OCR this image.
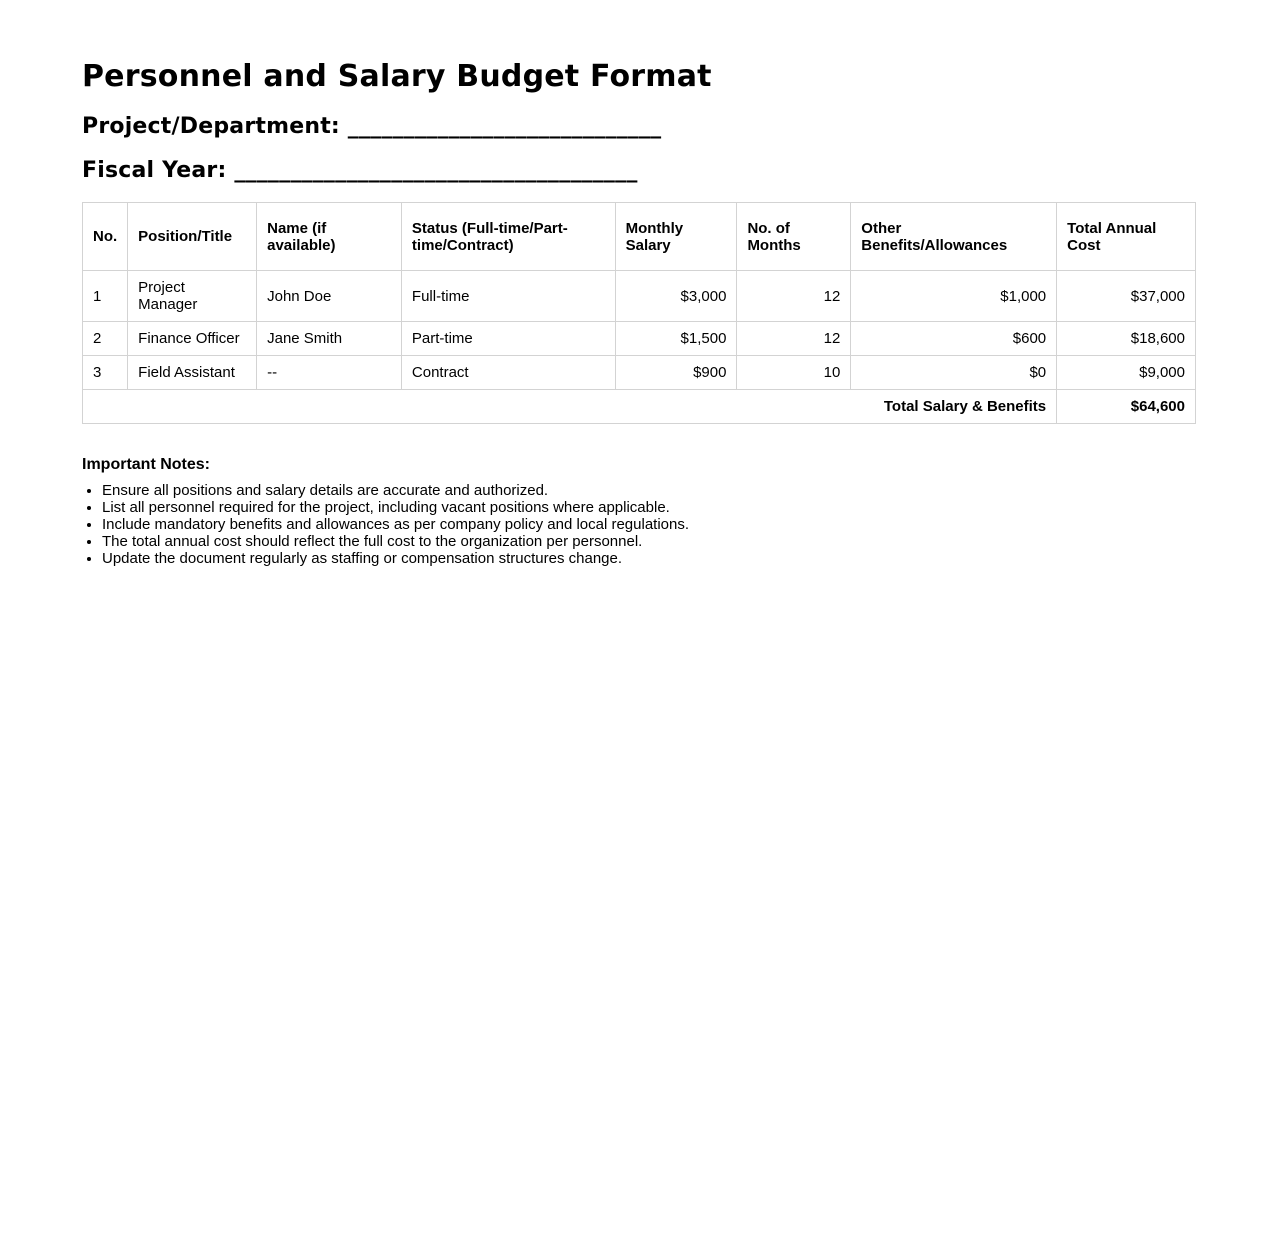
Personnel and Salary Budget Format
Project/Department: ____________________________
Fiscal Year: ____________________________________
No.	Position/Title	Name (if available)	Status (Full-time/Part-time/Contract)	Monthly Salary	No. of Months	Other Benefits/Allowances	Total Annual Cost
1	Project Manager	John Doe	Full-time	$3,000	12	$1,000	$37,000
2	Finance Officer	Jane Smith	Part-time	$1,500	12	$600	$18,600
3	Field Assistant	--	Contract	$900	10	$0	$9,000
Total Salary & Benefits							$64,600
Important Notes:
• Ensure all positions and salary details are accurate and authorized.
• List all personnel required for the project, including vacant positions where applicable.
• Include mandatory benefits and allowances as per company policy and local regulations.
• The total annual cost should reflect the full cost to the organization per personnel.
• Update the document regularly as staffing or compensation structures change.
